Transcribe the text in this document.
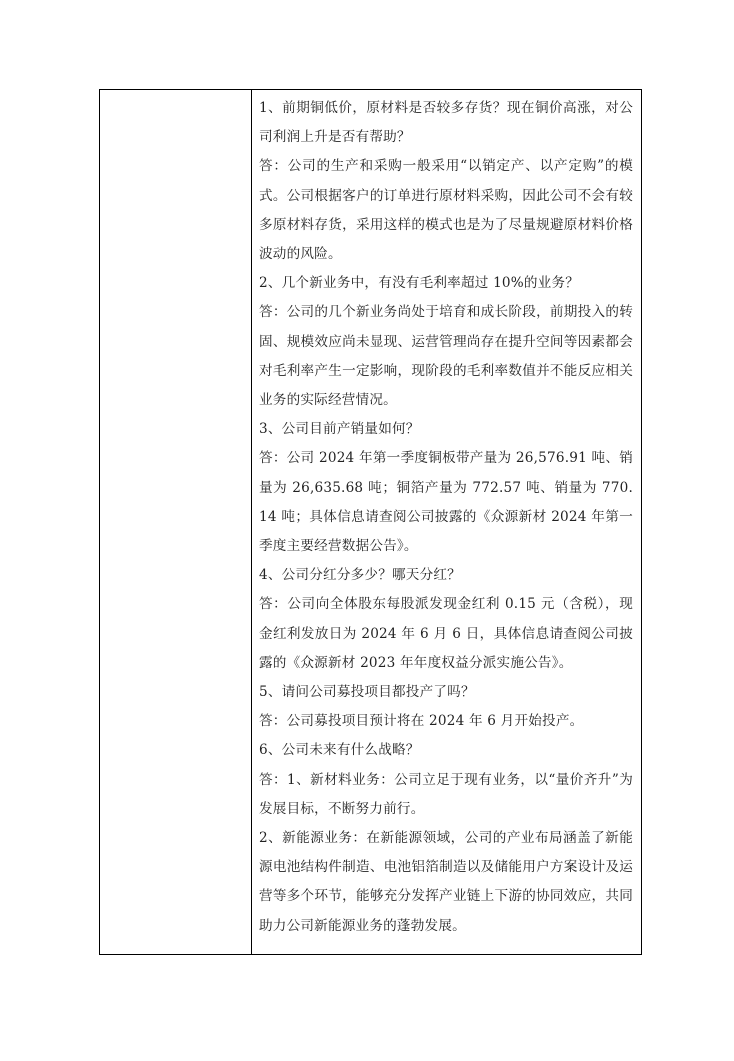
1、前期铜低价，原材料是否较多存货？现在铜价高涨，对公司利润上升是否有帮助？

答：公司的生产和采购一般采用“以销定产、以产定购”的模式。公司根据客户的订单进行原材料采购，因此公司不会有较多原材料存货，采用这样的模式也是为了尽量规避原材料价格波动的风险。

2、几个新业务中，有没有毛利率超过 10%的业务？

答：公司的几个新业务尚处于培育和成长阶段，前期投入的转固、规模效应尚未显现、运营管理尚存在提升空间等因素都会对毛利率产生一定影响，现阶段的毛利率数值并不能反应相关业务的实际经营情况。

3、公司目前产销量如何？

答：公司 2024 年第一季度铜板带产量为 26,576.91 吨、销量为 26,635.68 吨；铜箔产量为 772.57 吨、销量为 770.14 吨；具体信息请查阅公司披露的《众源新材 2024 年第一季度主要经营数据公告》。

4、公司分红分多少？哪天分红？

答：公司向全体股东每股派发现金红利 0.15 元（含税），现金红利发放日为 2024 年 6 月 6 日，具体信息请查阅公司披露的《众源新材 2023 年年度权益分派实施公告》。

5、请问公司募投项目都投产了吗？

答：公司募投项目预计将在 2024 年 6 月开始投产。

6、公司未来有什么战略？

答：1、新材料业务：公司立足于现有业务，以“量价齐升”为发展目标，不断努力前行。

2、新能源业务：在新能源领域，公司的产业布局涵盖了新能源电池结构件制造、电池铝箔制造以及储能用户方案设计及运营等多个环节，能够充分发挥产业链上下游的协同效应，共同助力公司新能源业务的蓬勃发展。
